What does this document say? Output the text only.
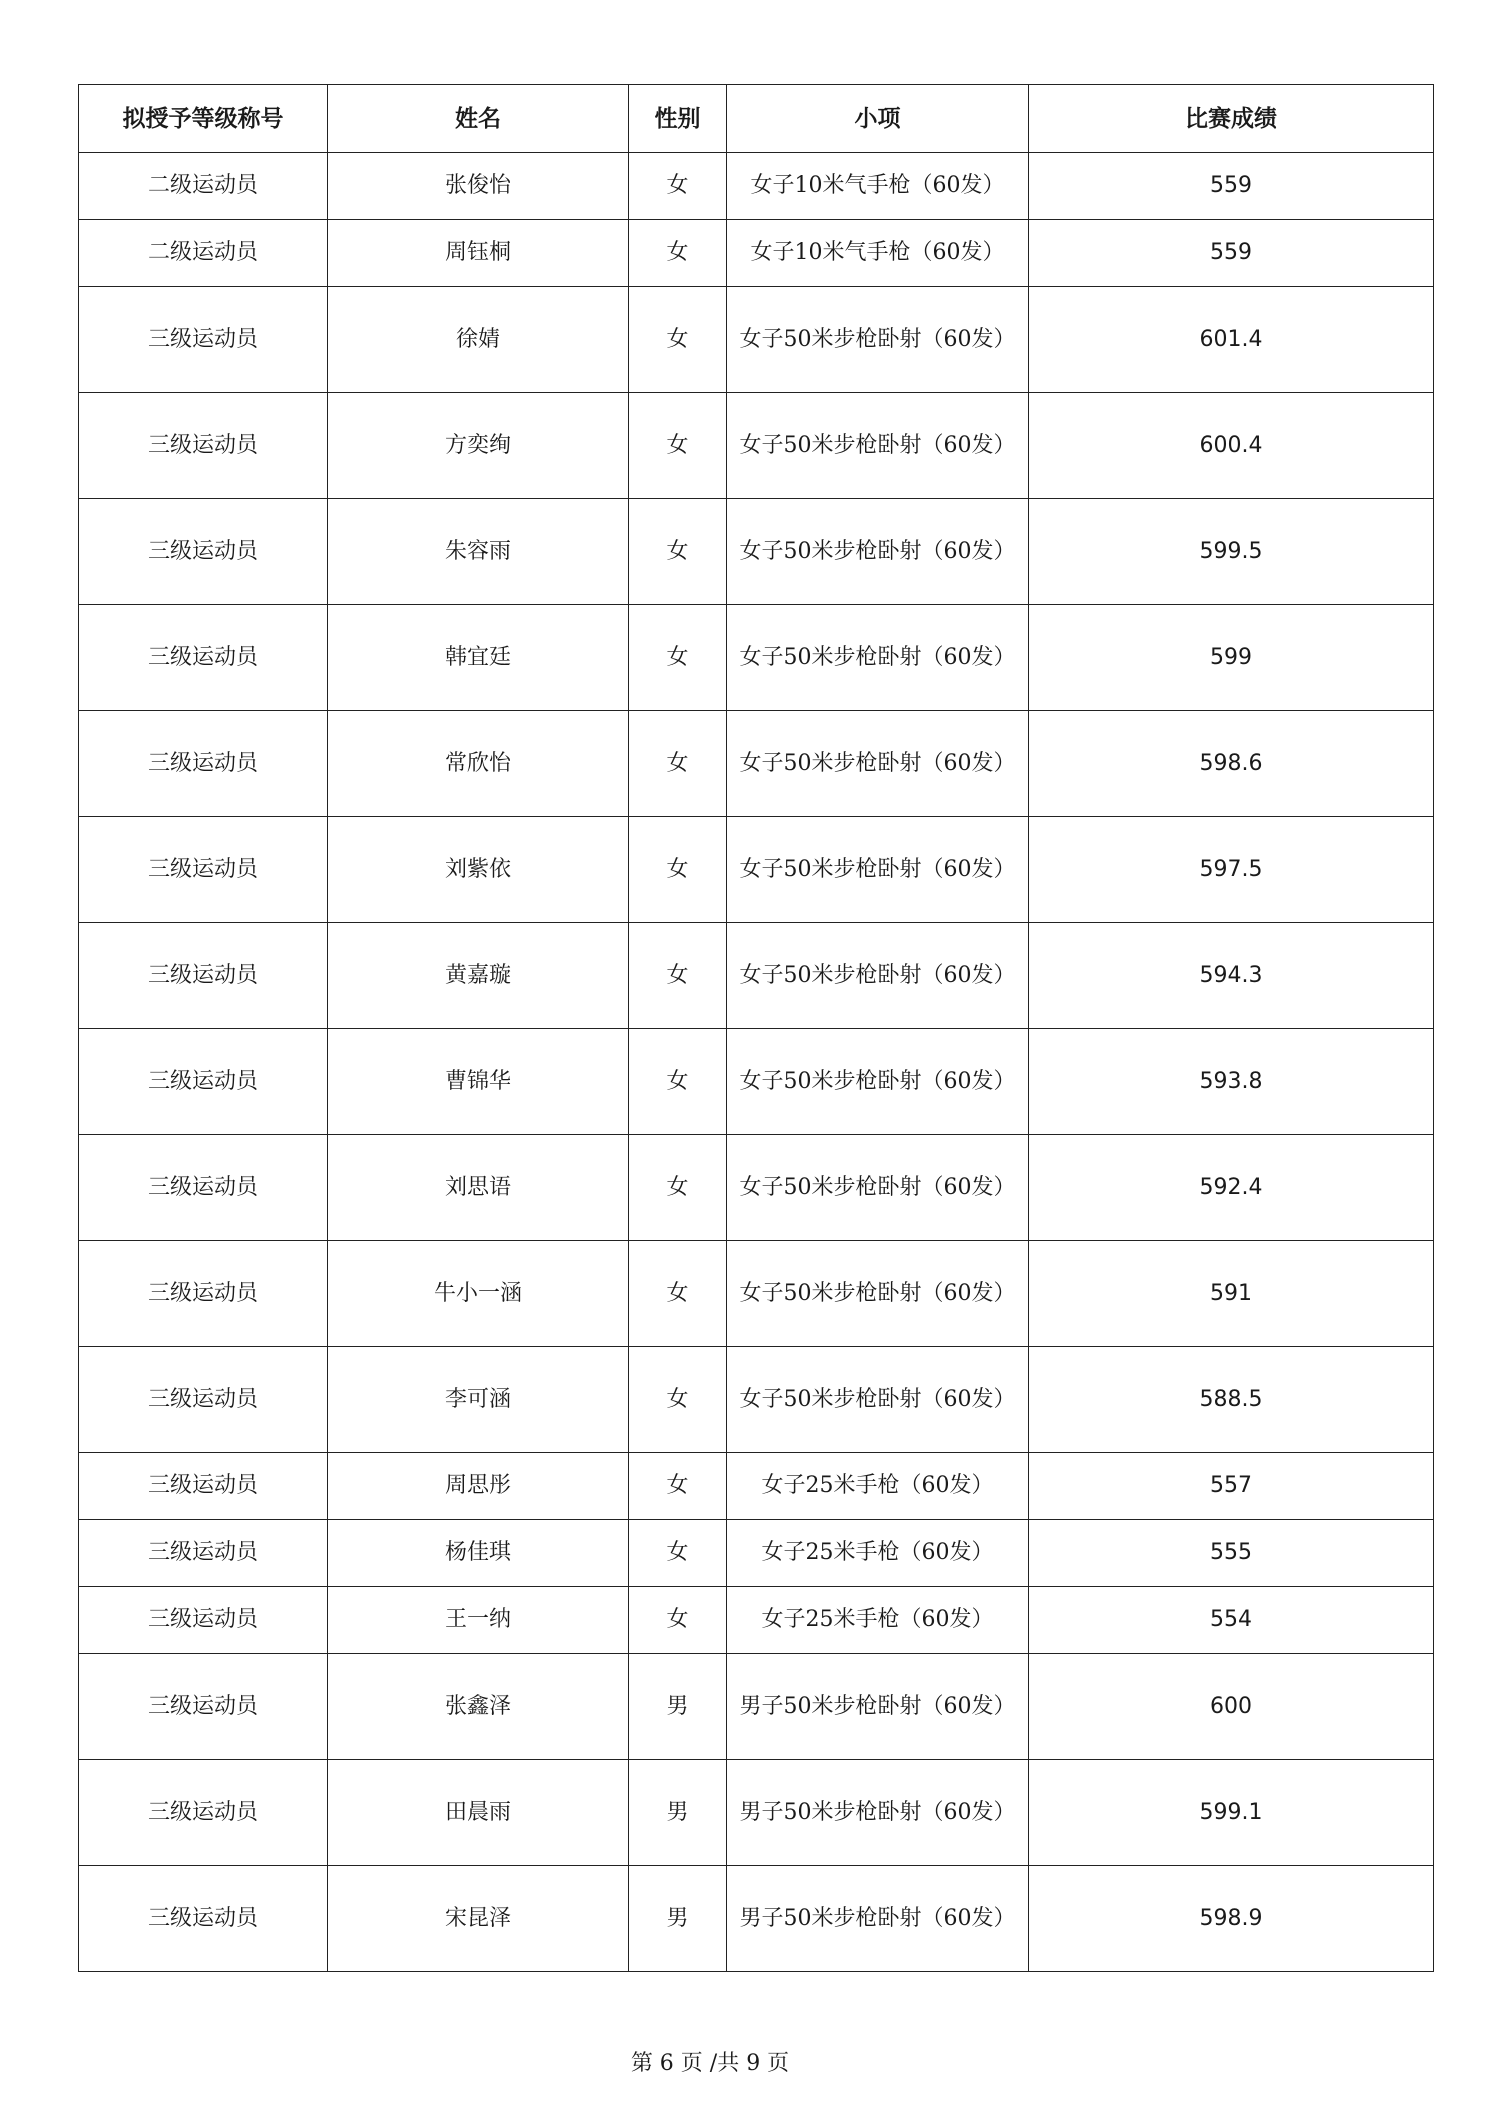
拟授予等级称号	姓名	性别	小项	比赛成绩
二级运动员	张俊怡	女	女子10米气手枪（60发）	559
二级运动员	周钰桐	女	女子10米气手枪（60发）	559
三级运动员	徐婧	女	女子50米步枪卧射（60发）	601.4
三级运动员	方奕绚	女	女子50米步枪卧射（60发）	600.4
三级运动员	朱容雨	女	女子50米步枪卧射（60发）	599.5
三级运动员	韩宜廷	女	女子50米步枪卧射（60发）	599
三级运动员	常欣怡	女	女子50米步枪卧射（60发）	598.6
三级运动员	刘紫依	女	女子50米步枪卧射（60发）	597.5
三级运动员	黄嘉璇	女	女子50米步枪卧射（60发）	594.3
三级运动员	曹锦华	女	女子50米步枪卧射（60发）	593.8
三级运动员	刘思语	女	女子50米步枪卧射（60发）	592.4
三级运动员	牛小一涵	女	女子50米步枪卧射（60发）	591
三级运动员	李可涵	女	女子50米步枪卧射（60发）	588.5
三级运动员	周思彤	女	女子25米手枪（60发）	557
三级运动员	杨佳琪	女	女子25米手枪（60发）	555
三级运动员	王一纳	女	女子25米手枪（60发）	554
三级运动员	张鑫泽	男	男子50米步枪卧射（60发）	600
三级运动员	田晨雨	男	男子50米步枪卧射（60发）	599.1
三级运动员	宋昆泽	男	男子50米步枪卧射（60发）	598.9
第 6 页 /共 9 页
